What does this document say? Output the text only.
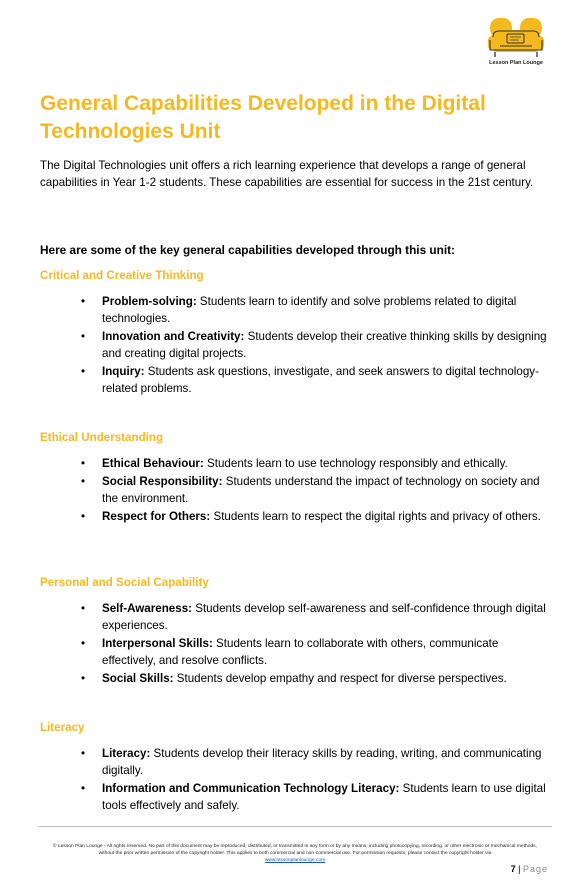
Lesson Plan Lounge
General Capabilities Developed in the Digital Technologies Unit

The Digital Technologies unit offers a rich learning experience that develops a range of general capabilities in Year 1-2 students. These capabilities are essential for success in the 21st century.

Here are some of the key general capabilities developed through this unit:

Critical and Creative Thinking
• Problem-solving: Students learn to identify and solve problems related to digital technologies.
• Innovation and Creativity: Students develop their creative thinking skills by designing and creating digital projects.
• Inquiry: Students ask questions, investigate, and seek answers to digital technology-related problems.
Ethical Understanding
• Ethical Behaviour: Students learn to use technology responsibly and ethically.
• Social Responsibility: Students understand the impact of technology on society and the environment.
• Respect for Others: Students learn to respect the digital rights and privacy of others.
Personal and Social Capability
• Self-Awareness: Students develop self-awareness and self-confidence through digital experiences.
• Interpersonal Skills: Students learn to collaborate with others, communicate effectively, and resolve conflicts.
• Social Skills: Students develop empathy and respect for diverse perspectives.
Literacy
• Literacy: Students develop their literacy skills by reading, writing, and communicating digitally.
• Information and Communication Technology Literacy: Students learn to use digital tools effectively and safely.

© Lesson Plan Lounge - All rights reserved. No part of this document may be reproduced, distributed, or transmitted in any form or by any means, including photocopying, recording, or other electronic or mechanical methods, without the prior written permission of the copyright holder. This applies to both commercial and non-commercial use. For permission requests, please contact the copyright holder via
www.lessonplanlounge.com

7 | Page
